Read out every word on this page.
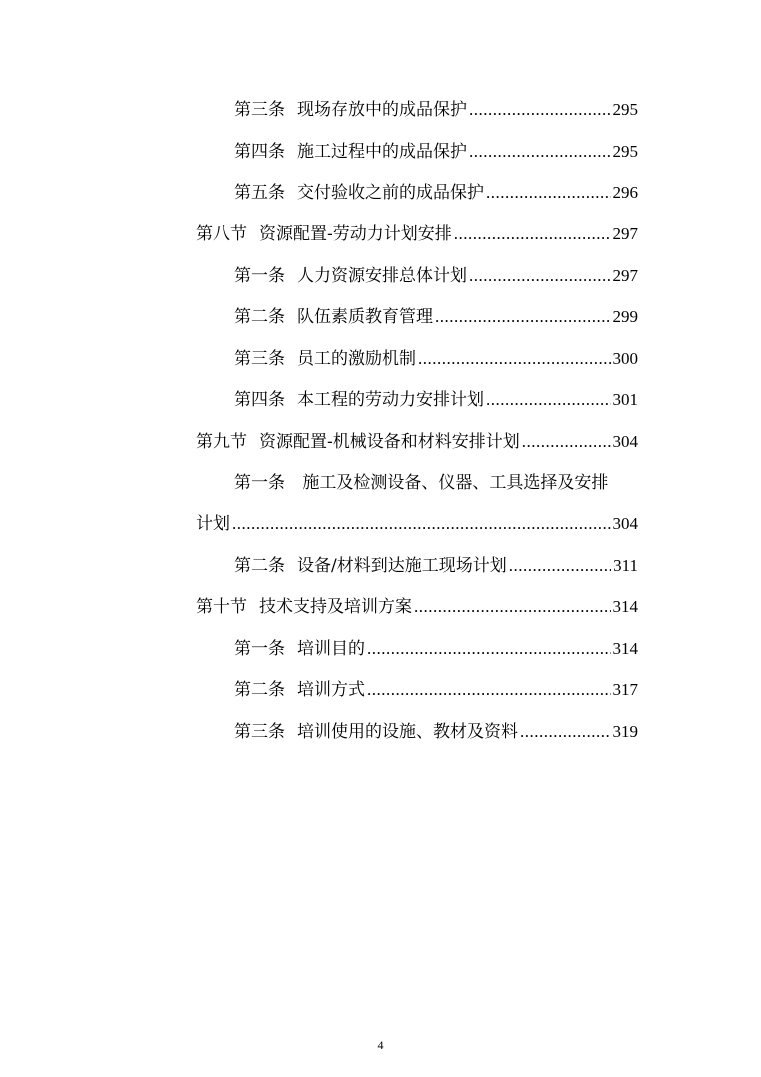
第三条 现场存放中的成品保护 .....	295
第四条 施工过程中的成品保护 .....	295
第五条 交付验收之前的成品保护 .....	296
第八节 资源配置-劳动力计划安排 .....	297
第一条 人力资源安排总体计划 .....	297
第二条 队伍素质教育管理 .....	299
第三条 员工的激励机制 .....	300
第四条 本工程的劳动力安排计划 .....	301
第九节 资源配置-机械设备和材料安排计划 .....	304
第一条 施工及检测设备、仪器、工具选择及安排
计划 .....	304
第二条 设备/材料到达施工现场计划 .....	311
第十节 技术支持及培训方案 .....	314
第一条 培训目的 .....	314
第二条 培训方式 .....	317
第三条 培训使用的设施、教材及资料 .....	319
4
